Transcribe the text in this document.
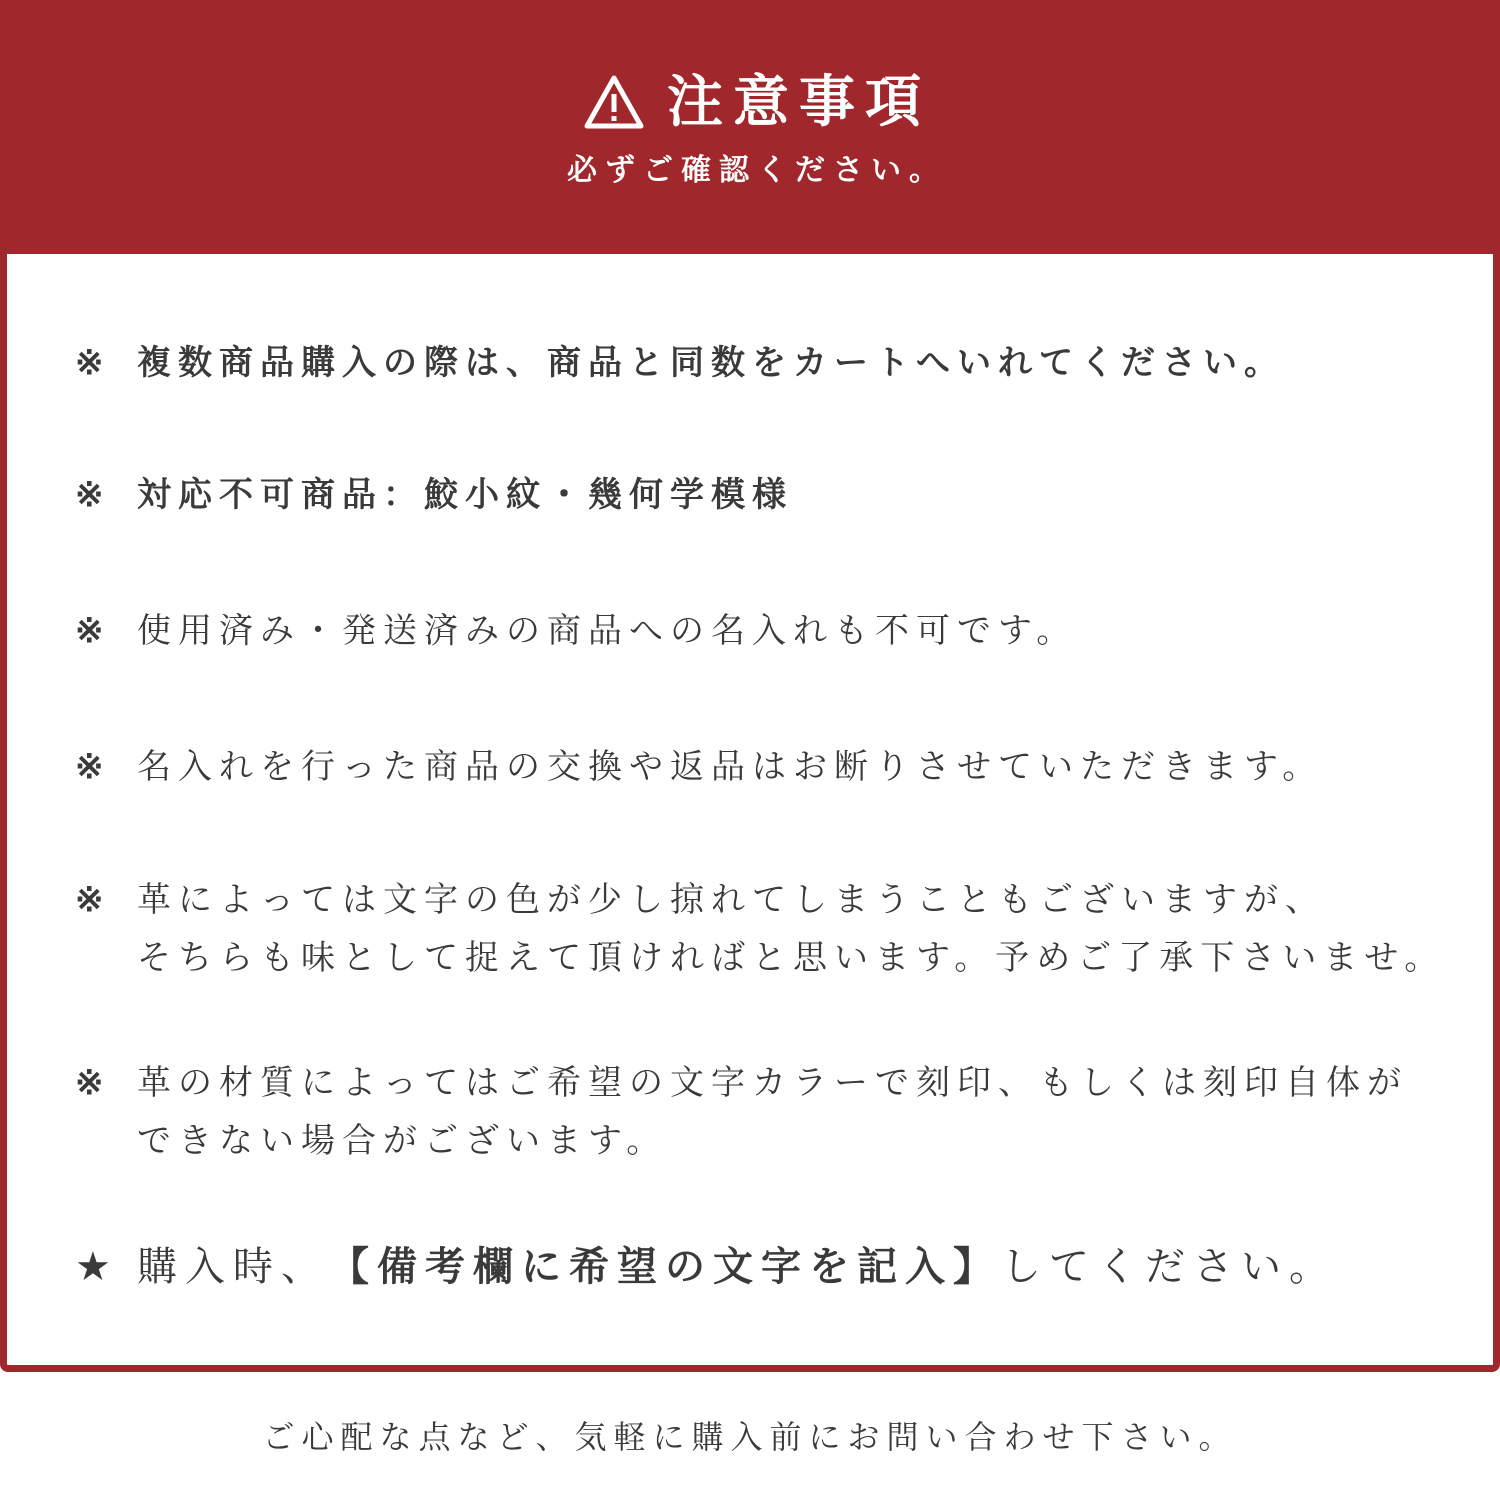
注意事項
必ずご確認ください。
※ 複数商品購入の際は、商品と同数をカートへいれてください。
※ 対応不可商品：鮫小紋・幾何学模様
※ 使用済み・発送済みの商品への名入れも不可です。
※ 名入れを行った商品の交換や返品はお断りさせていただきます。
※ 革によっては文字の色が少し掠れてしまうこともございますが、
そちらも味として捉えて頂ければと思います。予めご了承下さいませ。
※ 革の材質によってはご希望の文字カラーで刻印、もしくは刻印自体が
できない場合がございます。
★ 購入時、 【備考欄に希望の文字を記入】 してください。
ご心配な点など、気軽に購入前にお問い合わせ下さい。
